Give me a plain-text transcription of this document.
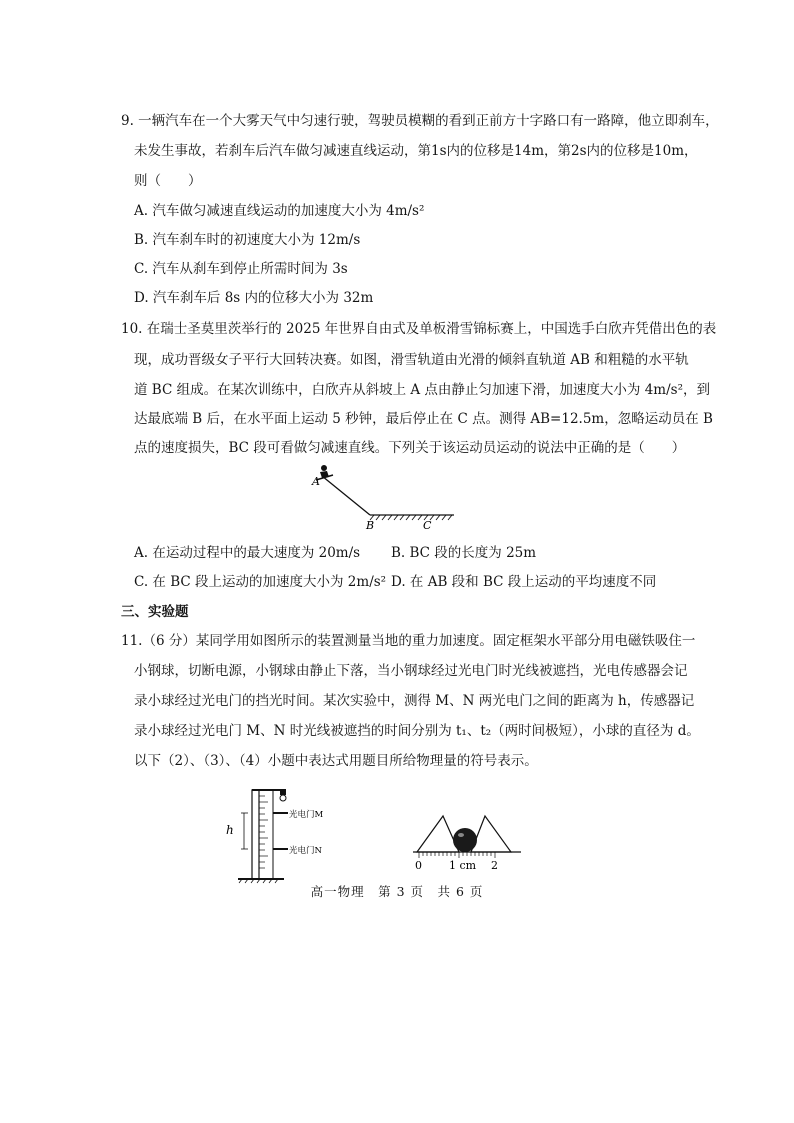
9. 一辆汽车在一个大雾天气中匀速行驶，驾驶员模糊的看到正前方十字路口有一路障，他立即刹车，
未发生事故，若刹车后汽车做匀减速直线运动，第1s内的位移是14m，第2s内的位移是10m，
则（　　）
A. 汽车做匀减速直线运动的加速度大小为 4m/s²
B. 汽车刹车时的初速度大小为 12m/s
C. 汽车从刹车到停止所需时间为 3s
D. 汽车刹车后 8s 内的位移大小为 32m
10. 在瑞士圣莫里茨举行的 2025 年世界自由式及单板滑雪锦标赛上，中国选手白欣卉凭借出色的表
现，成功晋级女子平行大回转决赛。如图，滑雪轨道由光滑的倾斜直轨道 AB 和粗糙的水平轨
道 BC 组成。在某次训练中，白欣卉从斜坡上 A 点由静止匀加速下滑，加速度大小为 4m/s²，到
达最底端 B 后，在水平面上运动 5 秒钟，最后停止在 C 点。测得 AB=12.5m，忽略运动员在 B
点的速度损失，BC 段可看做匀减速直线。下列关于该运动员运动的说法中正确的是（　　）
A
B	C
A. 在运动过程中的最大速度为 20m/s	B. BC 段的长度为 25m
C. 在 BC 段上运动的加速度大小为 2m/s² D. 在 AB 段和 BC 段上运动的平均速度不同
三、实验题
11.（6 分）某同学用如图所示的装置测量当地的重力加速度。固定框架水平部分用电磁铁吸住一
小钢球，切断电源，小钢球由静止下落，当小钢球经过光电门时光线被遮挡，光电传感器会记
录小球经过光电门的挡光时间。某次实验中，测得 M、N 两光电门之间的距离为 h，传感器记
录小球经过光电门 M、N 时光线被遮挡的时间分别为 t₁、t₂（两时间极短），小球的直径为 d。
以下（2）、（3）、（4）小题中表达式用题目所给物理量的符号表示。
h
光电门M
光电门N
0 1 cm 2
高一物理　第 3 页　共 6 页
